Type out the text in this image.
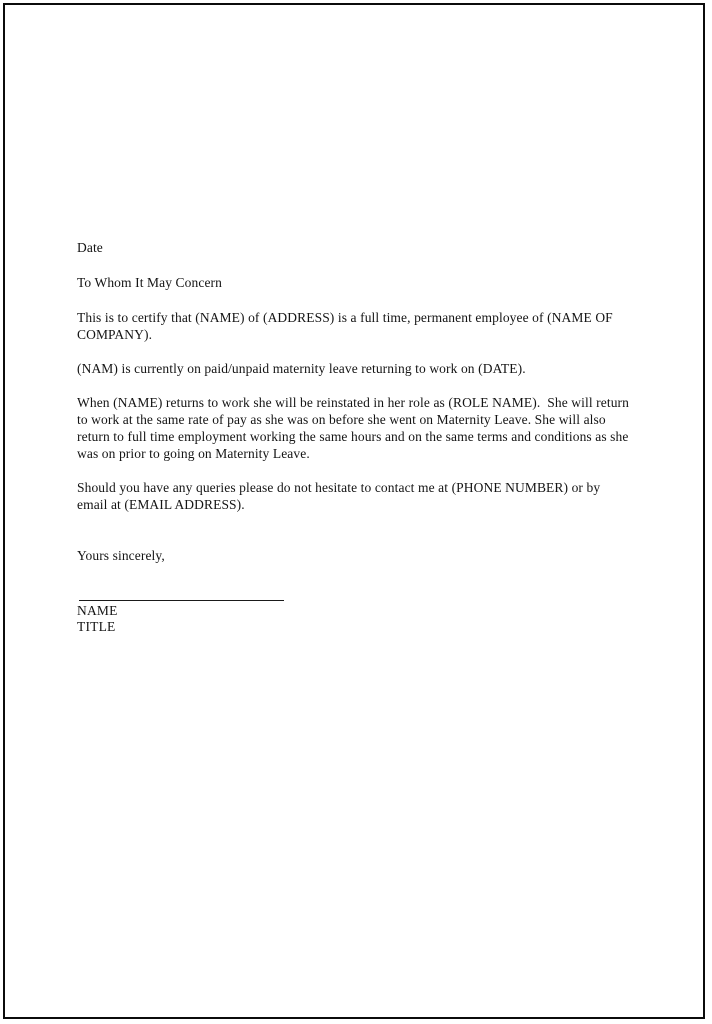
Date
To Whom It May Concern

This is to certify that (NAME) of (ADDRESS) is a full time, permanent employee of (NAME OF COMPANY).

(NAM) is currently on paid/unpaid maternity leave returning to work on (DATE).

When (NAME) returns to work she will be reinstated in her role as (ROLE NAME).  She will return to work at the same rate of pay as she was on before she went on Maternity Leave. She will also return to full time employment working the same hours and on the same terms and conditions as she was on prior to going on Maternity Leave.

Should you have any queries please do not hesitate to contact me at (PHONE NUMBER) or by email at (EMAIL ADDRESS).

Yours sincerely,
NAME
TITLE
